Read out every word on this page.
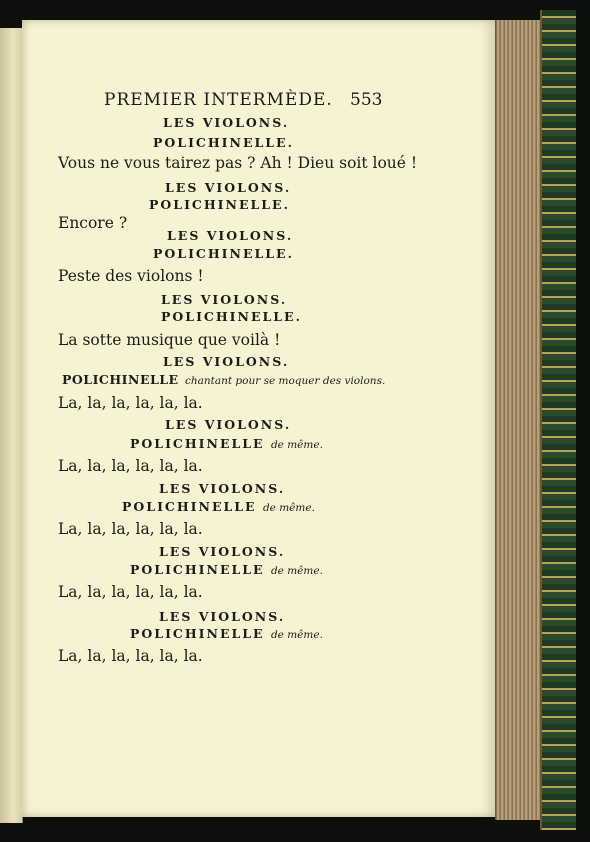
PREMIER INTERMÈDE. 553
LES VIOLONS.
POLICHINELLE.
Vous ne vous tairez pas ? Ah ! Dieu soit loué !
LES VIOLONS.
POLICHINELLE.
Encore ?
LES VIOLONS.
POLICHINELLE.
Peste des violons !
LES VIOLONS.
POLICHINELLE.
La sotte musique que voilà !
LES VIOLONS.
POLICHINELLE chantant pour se moquer des violons.
La, la, la, la, la, la.
LES VIOLONS.
POLICHINELLE de même.
La, la, la, la, la, la.
LES VIOLONS.
POLICHINELLE de même.
La, la, la, la, la, la.
LES VIOLONS.
POLICHINELLE de même.
La, la, la, la, la, la.
LES VIOLONS.
POLICHINELLE de même.
La, la, la, la, la, la.
